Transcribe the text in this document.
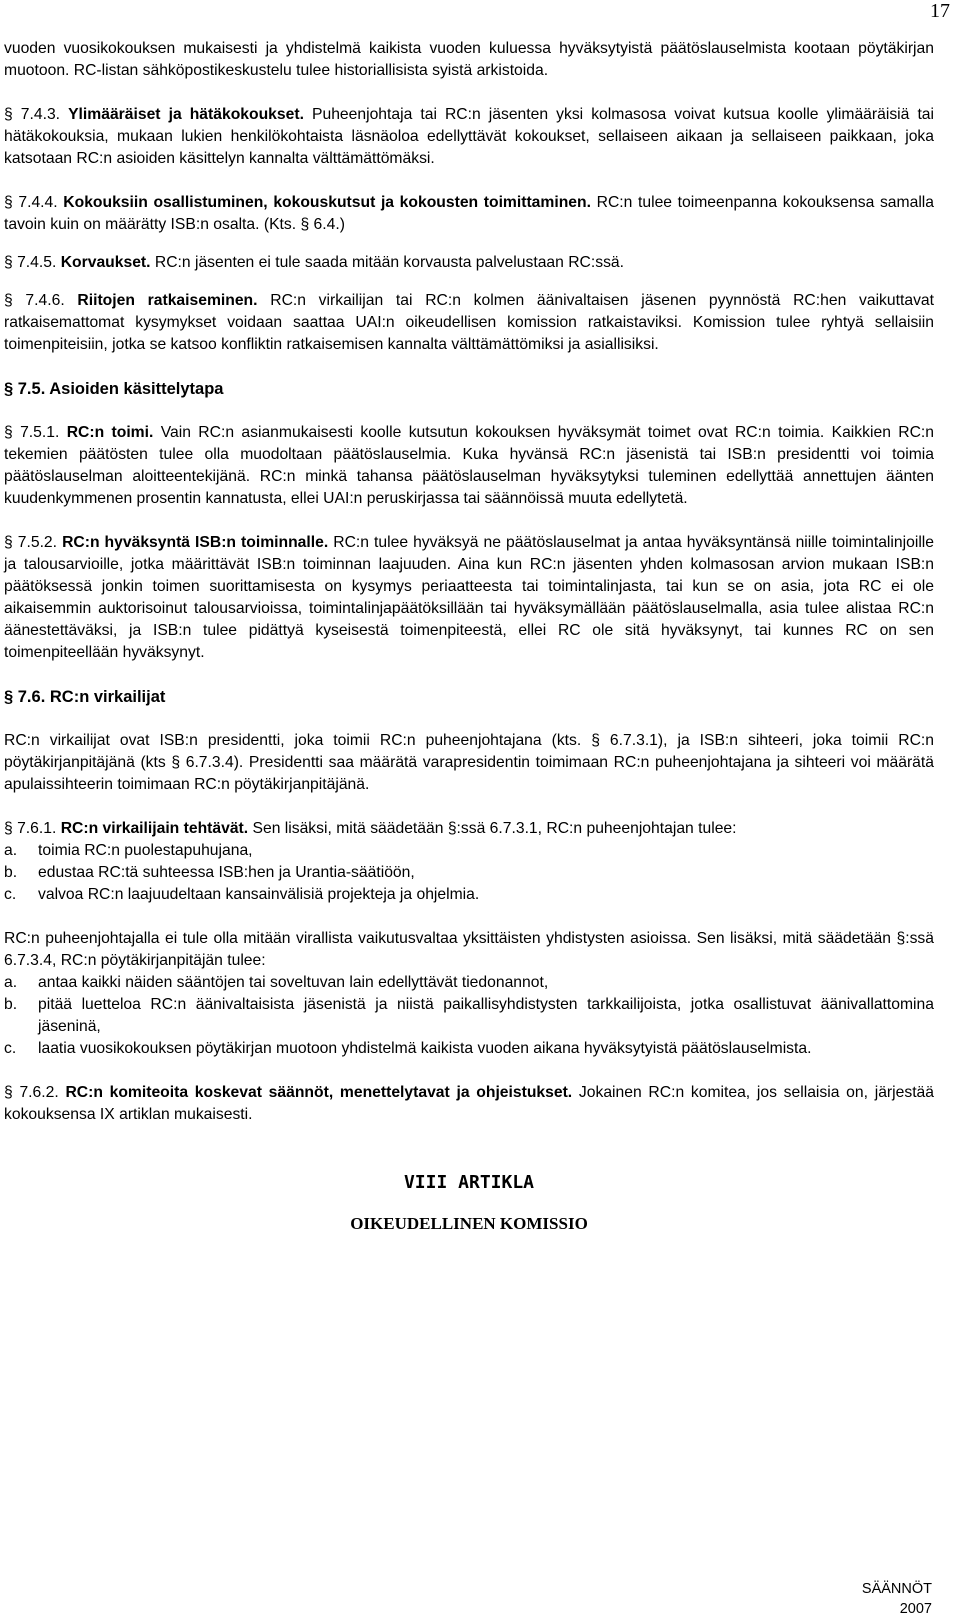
17

vuoden vuosikokouksen mukaisesti ja yhdistelmä kaikista vuoden kuluessa hyväksytyistä päätöslauselmista kootaan pöytäkirjan muotoon. RC-listan sähköpostikeskustelu tulee historiallisista syistä arkistoida.

§ 7.4.3. Ylimääräiset ja hätäkokoukset. Puheenjohtaja tai RC:n jäsenten yksi kolmasosa voivat kutsua koolle ylimääräisiä tai hätäkokouksia, mukaan lukien henkilökohtaista läsnäoloa edellyttävät kokoukset, sellaiseen aikaan ja sellaiseen paikkaan, joka katsotaan RC:n asioiden käsittelyn kannalta välttämättömäksi.

§ 7.4.4. Kokouksiin osallistuminen, kokouskutsut ja kokousten toimittaminen. RC:n tulee toimeenpanna kokouksensa samalla tavoin kuin on määrätty ISB:n osalta. (Kts. § 6.4.)

§ 7.4.5. Korvaukset. RC:n jäsenten ei tule saada mitään korvausta palvelustaan RC:ssä.

§ 7.4.6. Riitojen ratkaiseminen. RC:n virkailijan tai RC:n kolmen äänivaltaisen jäsenen pyynnöstä RC:hen vaikuttavat ratkaisemattomat kysymykset voidaan saattaa UAI:n oikeudellisen komission ratkaistaviksi. Komission tulee ryhtyä sellaisiin toimenpiteisiin, jotka se katsoo konfliktin ratkaisemisen kannalta välttämättömiksi ja asiallisiksi.

§ 7.5. Asioiden käsittelytapa

§ 7.5.1. RC:n toimi. Vain RC:n asianmukaisesti koolle kutsutun kokouksen hyväksymät toimet ovat RC:n toimia. Kaikkien RC:n tekemien päätösten tulee olla muodoltaan päätöslauselmia. Kuka hyvänsä RC:n jäsenistä tai ISB:n presidentti voi toimia päätöslauselman aloitteentekijänä. RC:n minkä tahansa päätöslauselman hyväksytyksi tuleminen edellyttää annettujen äänten kuudenkymmenen prosentin kannatusta, ellei UAI:n peruskirjassa tai säännöissä muuta edellytetä.

§ 7.5.2. RC:n hyväksyntä ISB:n toiminnalle. RC:n tulee hyväksyä ne päätöslauselmat ja antaa hyväksyntänsä niille toimintalinjoille ja talousarvioille, jotka määrittävät ISB:n toiminnan laajuuden. Aina kun RC:n jäsenten yhden kolmasosan arvion mukaan ISB:n päätöksessä jonkin toimen suorittamisesta on kysymys periaatteesta tai toimintalinjasta, tai kun se on asia, jota RC ei ole aikaisemmin auktorisoinut talousarvioissa, toimintalinjapäätöksillään tai hyväksymällään päätöslauselmalla, asia tulee alistaa RC:n äänestettäväksi, ja ISB:n tulee pidättyä kyseisestä toimenpiteestä, ellei RC ole sitä hyväksynyt, tai kunnes RC on sen toimenpiteellään hyväksynyt.

§ 7.6. RC:n virkailijat

RC:n virkailijat ovat ISB:n presidentti, joka toimii RC:n puheenjohtajana (kts. § 6.7.3.1), ja ISB:n sihteeri, joka toimii RC:n pöytäkirjanpitäjänä (kts § 6.7.3.4). Presidentti saa määrätä varapresidentin toimimaan RC:n puheenjohtajana ja sihteeri voi määrätä apulaissihteerin toimimaan RC:n pöytäkirjanpitäjänä.

§ 7.6.1. RC:n virkailijain tehtävät. Sen lisäksi, mitä säädetään §:ssä 6.7.3.1, RC:n puheenjohtajan tulee:

a.	toimia RC:n puolestapuhujana,
b.	edustaa RC:tä suhteessa ISB:hen ja Urantia-säätiöön,
c.	valvoa RC:n laajuudeltaan kansainvälisiä projekteja ja ohjelmia.

RC:n puheenjohtajalla ei tule olla mitään virallista vaikutusvaltaa yksittäisten yhdistysten asioissa. Sen lisäksi, mitä säädetään §:ssä 6.7.3.4, RC:n pöytäkirjanpitäjän tulee:

a.	antaa kaikki näiden sääntöjen tai soveltuvan lain edellyttävät tiedonannot,
b.	pitää luetteloa RC:n äänivaltaisista jäsenistä ja niistä paikallisyhdistysten tarkkailijoista, jotka osallistuvat äänivallattomina jäseninä,
c.	laatia vuosikokouksen pöytäkirjan muotoon yhdistelmä kaikista vuoden aikana hyväksytyistä päätöslauselmista.

§ 7.6.2. RC:n komiteoita koskevat säännöt, menettelytavat ja ohjeistukset. Jokainen RC:n komitea, jos sellaisia on, järjestää kokouksensa IX artiklan mukaisesti.

VIII ARTIKLA

OIKEUDELLINEN KOMISSIO

SÄÄNNÖT
2007
